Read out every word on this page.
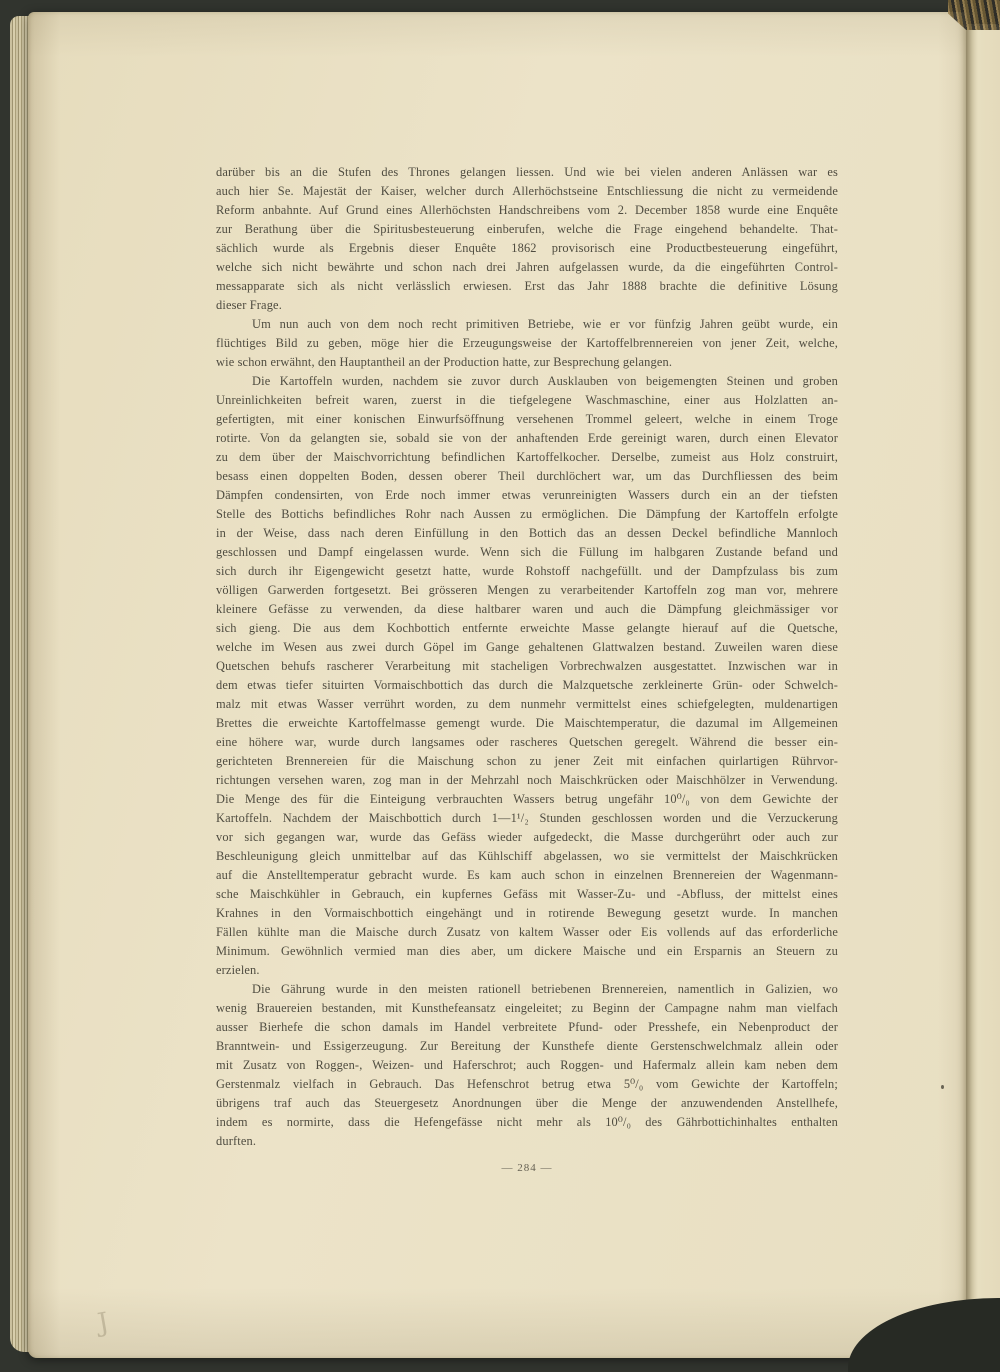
darüber bis an die Stufen des Thrones gelangen liessen. Und wie bei vielen anderen Anlässen war es
auch hier Se. Majestät der Kaiser, welcher durch Allerhöchstseine Entschliessung die nicht zu vermeidende
Reform anbahnte. Auf Grund eines Allerhöchsten Handschreibens vom 2. December 1858 wurde eine Enquête
zur Berathung über die Spiritusbesteuerung einberufen, welche die Frage eingehend behandelte. That-
sächlich wurde als Ergebnis dieser Enquête 1862 provisorisch eine Productbesteuerung eingeführt,
welche sich nicht bewährte und schon nach drei Jahren aufgelassen wurde, da die eingeführten Control-
messapparate sich als nicht verlässlich erwiesen. Erst das Jahr 1888 brachte die definitive Lösung
dieser Frage.
Um nun auch von dem noch recht primitiven Betriebe, wie er vor fünfzig Jahren geübt wurde, ein
flüchtiges Bild zu geben, möge hier die Erzeugungsweise der Kartoffelbrennereien von jener Zeit, welche,
wie schon erwähnt, den Hauptantheil an der Production hatte, zur Besprechung gelangen.
Die Kartoffeln wurden, nachdem sie zuvor durch Ausklauben von beigemengten Steinen und groben
Unreinlichkeiten befreit waren, zuerst in die tiefgelegene Waschmaschine, einer aus Holzlatten an-
gefertigten, mit einer konischen Einwurfsöffnung versehenen Trommel geleert, welche in einem Troge
rotirte. Von da gelangten sie, sobald sie von der anhaftenden Erde gereinigt waren, durch einen Elevator
zu dem über der Maischvorrichtung befindlichen Kartoffelkocher. Derselbe, zumeist aus Holz construirt,
besass einen doppelten Boden, dessen oberer Theil durchlöchert war, um das Durchfliessen des beim
Dämpfen condensirten, von Erde noch immer etwas verunreinigten Wassers durch ein an der tiefsten
Stelle des Bottichs befindliches Rohr nach Aussen zu ermöglichen. Die Dämpfung der Kartoffeln erfolgte
in der Weise, dass nach deren Einfüllung in den Bottich das an dessen Deckel befindliche Mannloch
geschlossen und Dampf eingelassen wurde. Wenn sich die Füllung im halbgaren Zustande befand und
sich durch ihr Eigengewicht gesetzt hatte, wurde Rohstoff nachgefüllt. und der Dampfzulass bis zum
völligen Garwerden fortgesetzt. Bei grösseren Mengen zu verarbeitender Kartoffeln zog man vor, mehrere
kleinere Gefässe zu verwenden, da diese haltbarer waren und auch die Dämpfung gleichmässiger vor
sich gieng. Die aus dem Kochbottich entfernte erweichte Masse gelangte hierauf auf die Quetsche,
welche im Wesen aus zwei durch Göpel im Gange gehaltenen Glattwalzen bestand. Zuweilen waren diese
Quetschen behufs rascherer Verarbeitung mit stacheligen Vorbrechwalzen ausgestattet. Inzwischen war in
dem etwas tiefer situirten Vormaischbottich das durch die Malzquetsche zerkleinerte Grün- oder Schwelch-
malz mit etwas Wasser verrührt worden, zu dem nunmehr vermittelst eines schiefgelegten, muldenartigen
Brettes die erweichte Kartoffelmasse gemengt wurde. Die Maischtemperatur, die dazumal im Allgemeinen
eine höhere war, wurde durch langsames oder rascheres Quetschen geregelt. Während die besser ein-
gerichteten Brennereien für die Maischung schon zu jener Zeit mit einfachen quirlartigen Rührvor-
richtungen versehen waren, zog man in der Mehrzahl noch Maischkrücken oder Maischhölzer in Verwendung.
Die Menge des für die Einteigung verbrauchten Wassers betrug ungefähr 10⁰/₀ von dem Gewichte der
Kartoffeln. Nachdem der Maischbottich durch 1—1¹/₂ Stunden geschlossen worden und die Verzuckerung
vor sich gegangen war, wurde das Gefäss wieder aufgedeckt, die Masse durchgerührt oder auch zur
Beschleunigung gleich unmittelbar auf das Kühlschiff abgelassen, wo sie vermittelst der Maischkrücken
auf die Anstelltemperatur gebracht wurde. Es kam auch schon in einzelnen Brennereien der Wagenmann-
sche Maischkühler in Gebrauch, ein kupfernes Gefäss mit Wasser-Zu- und -Abfluss, der mittelst eines
Krahnes in den Vormaischbottich eingehängt und in rotirende Bewegung gesetzt wurde. In manchen
Fällen kühlte man die Maische durch Zusatz von kaltem Wasser oder Eis vollends auf das erforderliche
Minimum. Gewöhnlich vermied man dies aber, um dickere Maische und ein Ersparnis an Steuern zu
erzielen.
Die Gährung wurde in den meisten rationell betriebenen Brennereien, namentlich in Galizien, wo
wenig Brauereien bestanden, mit Kunsthefeansatz eingeleitet; zu Beginn der Campagne nahm man vielfach
ausser Bierhefe die schon damals im Handel verbreitete Pfund- oder Presshefe, ein Nebenproduct der
Branntwein- und Essigerzeugung. Zur Bereitung der Kunsthefe diente Gerstenschwelchmalz allein oder
mit Zusatz von Roggen-, Weizen- und Haferschrot; auch Roggen- und Hafermalz allein kam neben dem
Gerstenmalz vielfach in Gebrauch. Das Hefenschrot betrug etwa 5⁰/₀ vom Gewichte der Kartoffeln;
übrigens traf auch das Steuergesetz Anordnungen über die Menge der anzuwendenden Anstellhefe,
indem es normirte, dass die Hefengefässe nicht mehr als 10⁰/₀ des Gährbottichinhaltes enthalten
durften.
— 284 —
J
